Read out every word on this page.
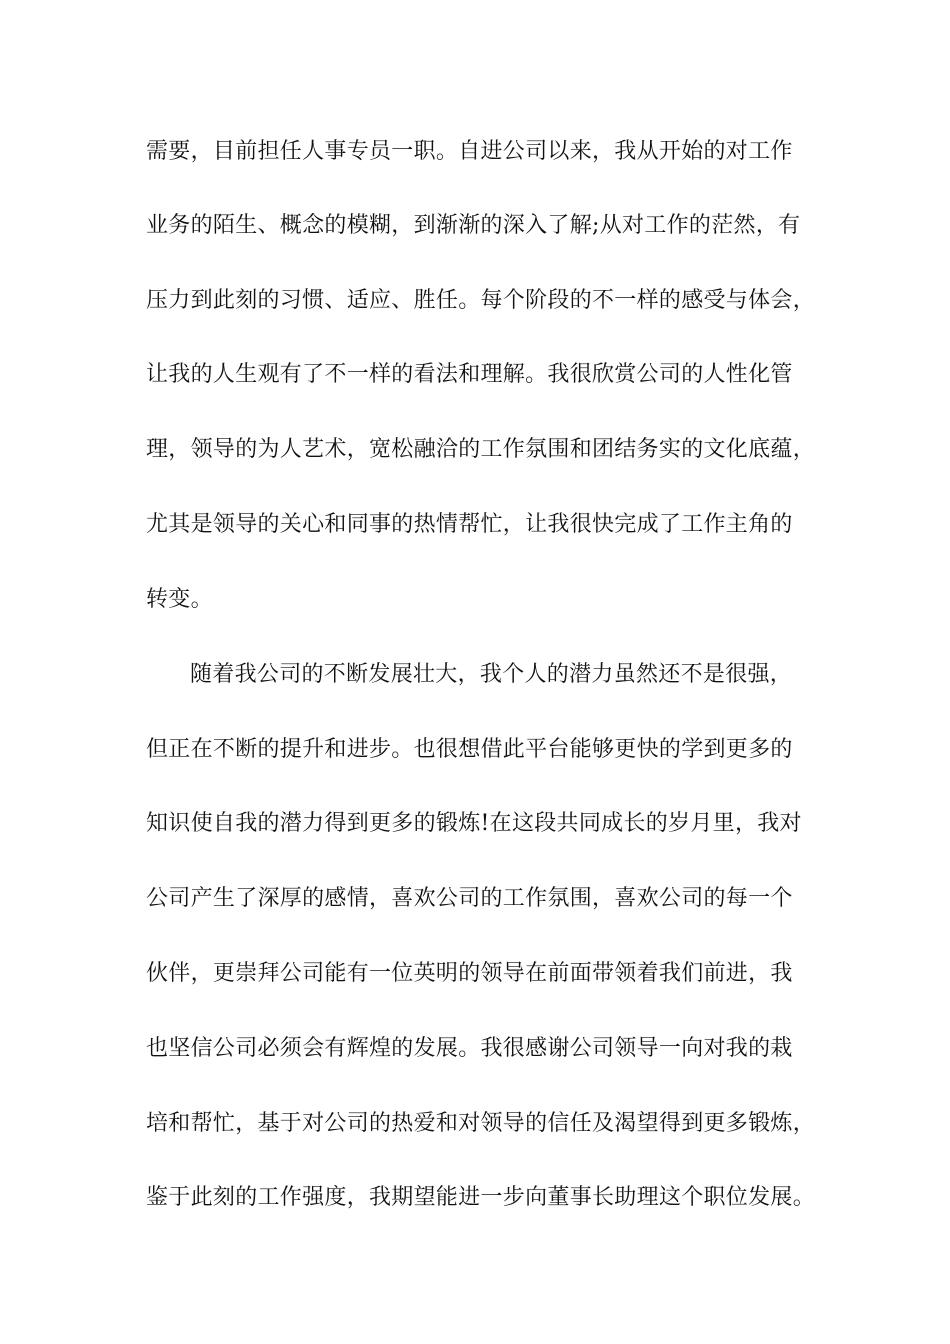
需要，目前担任人事专员一职。自进公司以来，我从开始的对工作
业务的陌生、概念的模糊，到渐渐的深入了解;从对工作的茫然，有
压力到此刻的习惯、适应、胜任。每个阶段的不一样的感受与体会，
让我的人生观有了不一样的看法和理解。我很欣赏公司的人性化管
理，领导的为人艺术，宽松融洽的工作氛围和团结务实的文化底蕴，
尤其是领导的关心和同事的热情帮忙，让我很快完成了工作主角的
转变。
随着我公司的不断发展壮大，我个人的潜力虽然还不是很强，
但正在不断的提升和进步。也很想借此平台能够更快的学到更多的
知识使自我的潜力得到更多的锻炼!在这段共同成长的岁月里，我对
公司产生了深厚的感情，喜欢公司的工作氛围，喜欢公司的每一个
伙伴，更崇拜公司能有一位英明的领导在前面带领着我们前进，我
也坚信公司必须会有辉煌的发展。我很感谢公司领导一向对我的栽
培和帮忙，基于对公司的热爱和对领导的信任及渴望得到更多锻炼，
鉴于此刻的工作强度，我期望能进一步向董事长助理这个职位发展。
